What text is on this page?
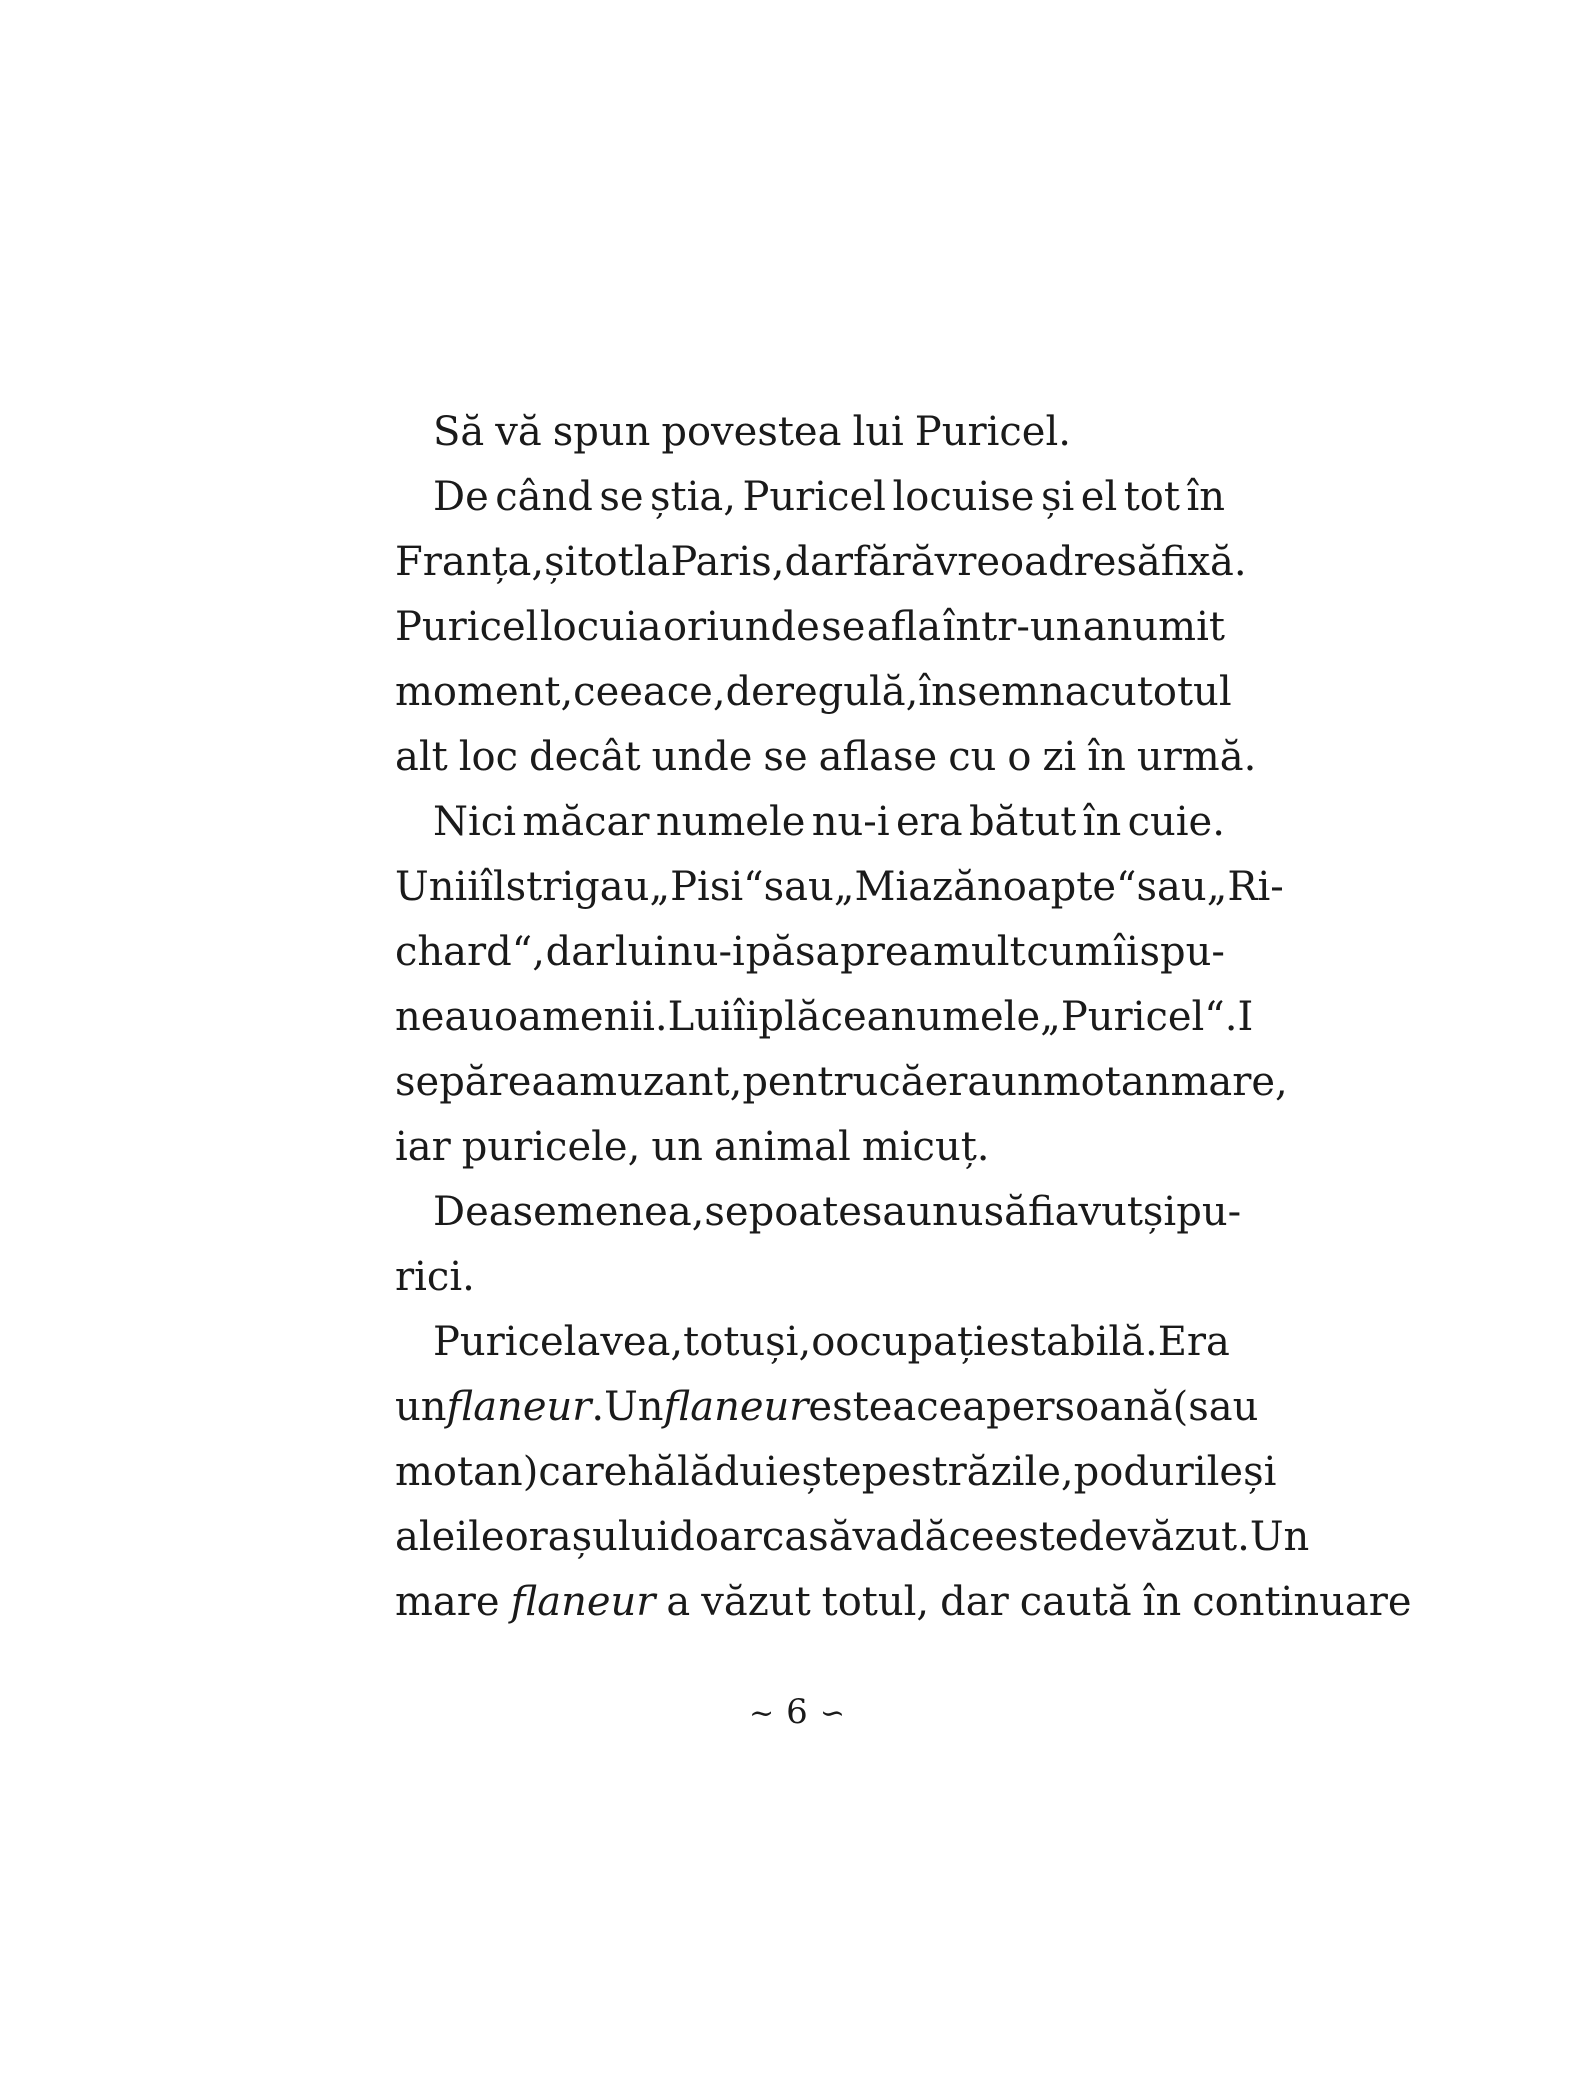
Să vă spun povestea lui Puricel.
De când se știa, Puricel locuise și el tot în
Franța, și tot la Paris, dar fără vreo adresă fixă.
Puricel locuia oriunde se afla într-un anumit
moment, ceea ce, de regulă, însemna cu totul
alt loc decât unde se aflase cu o zi în urmă.
Nici măcar numele nu-i era bătut în cuie.
Unii îl strigau „Pisi“ sau „Miazănoapte“ sau „Ri-
chard“, dar lui nu-i păsa prea mult cum îi spu-
neau oamenii. Lui îi plăcea numele „Puricel“. I
se părea amuzant, pentru că era un motan mare,
iar puricele, un animal micuț.
De asemenea, se poate sau nu să fi avut și pu-
rici.
Puricel avea, totuși, o ocupație stabilă. Era
un flaneur. Un flaneur este acea persoană (sau
motan) care hălăduiește pe străzile, podurile și
aleile orașului doar ca să vadă ce este de văzut. Un
mare flaneur a văzut totul, dar caută în continuare
~ 6 ∽
